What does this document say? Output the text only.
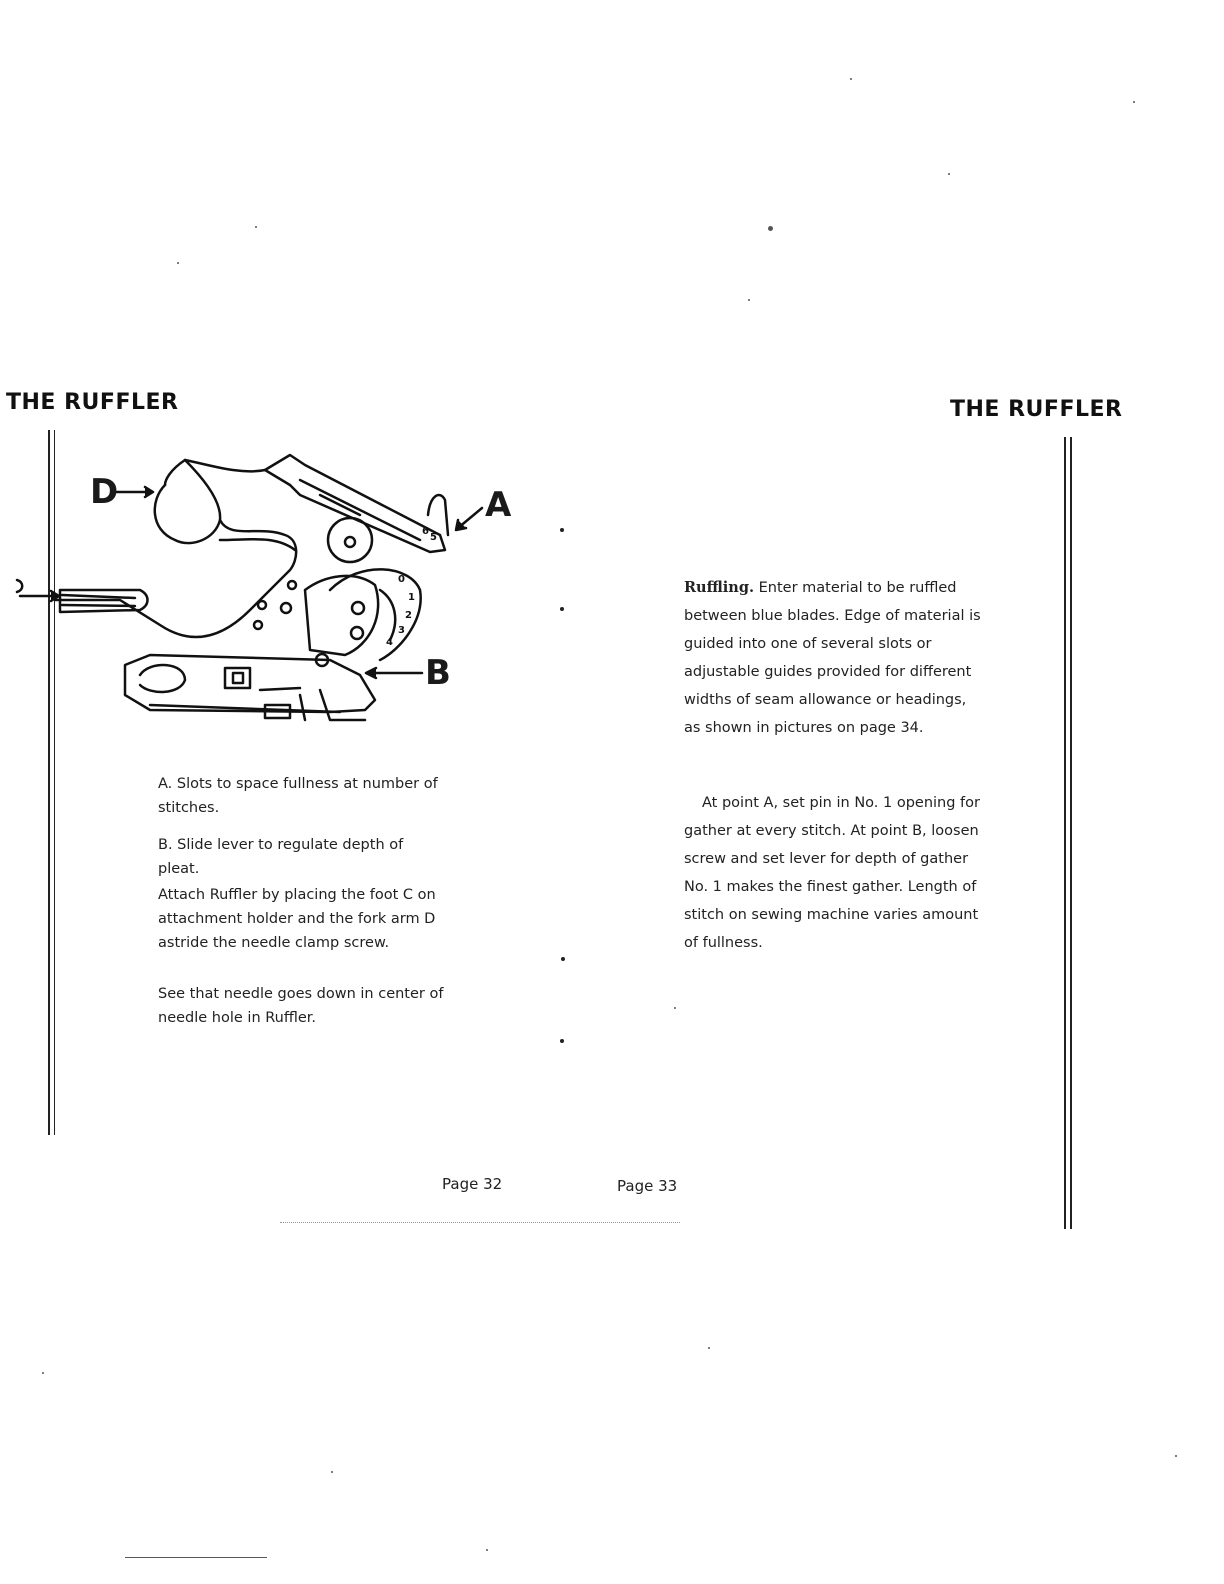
THE RUFFLER
0
1
2
3
4
5
6
D	A
B
A. Slots to space fullness at number of stitches.
B. Slide lever to regulate depth of pleat.
Attach Ruffler by placing the foot C on attachment holder and the fork arm D astride the needle clamp screw.
See that needle goes down in center of needle hole in Ruffler.
Page 32
THE RUFFLER
Ruffling. Enter material to be ruffled between blue blades. Edge of material is guided into one of several slots or adjustable guides provided for different widths of seam allowance or headings, as shown in pictures on page 34.
At point A, set pin in No. 1 opening for gather at every stitch. At point B, loosen screw and set lever for depth of gather No. 1 makes the finest gather. Length of stitch on sewing machine varies amount of fullness.
Page 33
